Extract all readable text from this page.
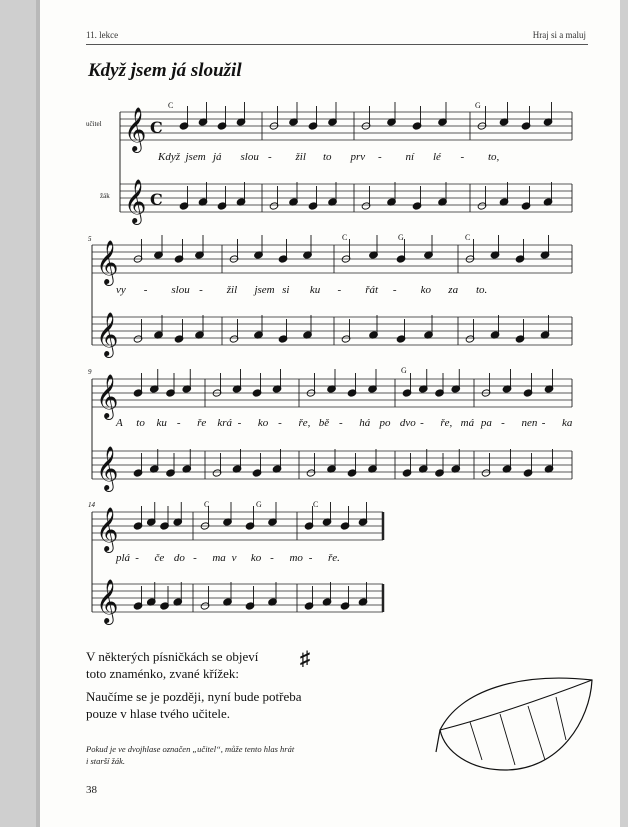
11. lekce	Hraj si a maluj
Když jsem já sloužil
učitel
žák
C	G
C	G	C
G
C	G	C
5
9
14
𝄞 C
𝄞 C
𝄞
𝄞
𝄞
𝄞
𝄞
𝄞
Když jsem já slou - žil to prv - ní lé - to,
vy - slou - žil jsem si ku - řát - ko za to.
A to ku - ře krá - ko - ře, bě - há po dvo - ře, má pa - nen - ka
plá - če do - ma v ko - mo - ře.
V některých písničkách se objeví
toto znaménko, zvané křížek:
♯
Naučíme se je později, nyní bude potřeba
pouze v hlase tvého učitele.
Pokud je ve dvojhlase označen „učitel“, může tento hlas hrát
i starší žák.
38
